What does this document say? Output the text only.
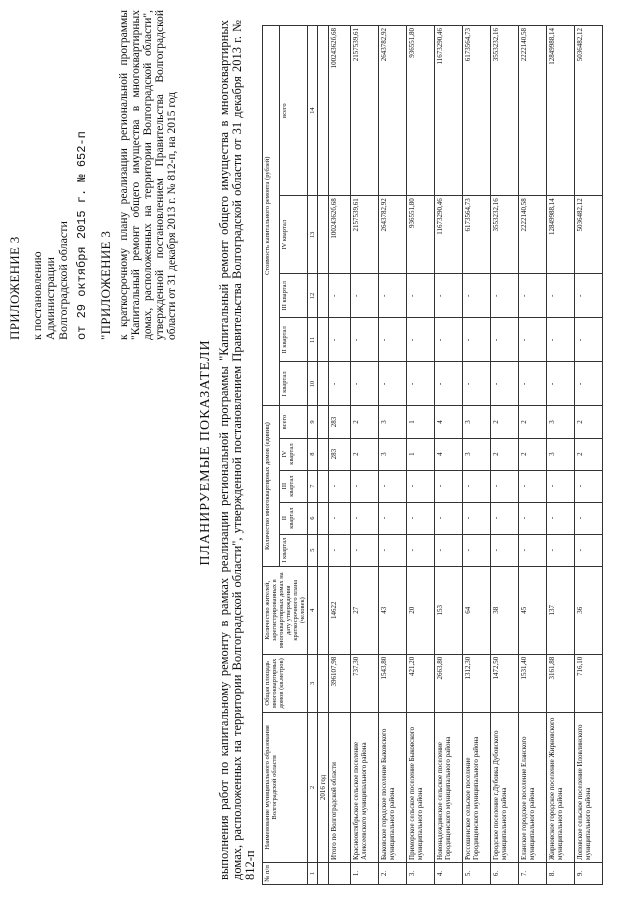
ПРИЛОЖЕНИЕ 3 к постановлению Администрации Волгоградской области от 29 октября 2015 г. № 652-п "ПРИЛОЖЕНИЕ 3 к краткосрочному плану реализации региональной программы "Капитальный ремонт общего имущества в многоквартирных домах, расположенных на территории Волгоградской области", утвержденной постановлением Правительства Волгоградской области от 31 декабря 2013 г. № 812-п, на 2015 год

ПЛАНИРУЕМЫЕ ПОКАЗАТЕЛИ выполнения работ по капитальному ремонту в рамках реализации региональной программы "Капитальный ремонт общего имущества в многоквартирных домах, расположенных на территории Волгоградской области", утвержденной постановлением Правительства Волгоградской области от 31 декабря 2013 г. № 812-п № п/п	Наименование муниципального образования Волгоградской области	Общая площадь многоквартирных домов (кв.метров)	Количество жителей, зарегистрированных в многоквартирных домах на дату утверждения краткосрочного плана (человек)	Количество многоквартирных домов (единиц)					Стоимость капитального ремонта (рублей)				
				I квартал	II квартал	III квартал	IV квартал	всего	I квартал	II квартал	III квартал	IV квартал	всего
1	2	3	4	5	6	7	8	9	10	11	12	13	14
	2016 год												
	Итого по Волгоградской области	396107,98	14622	-	-	-	283	283	-	-	-	10024362б,68	10024362б,68
1.	Краснооктябрьское сельское поселение Алексеевского муниципального района	737,30	27	-	-	-	2	2	-	-	-	2157539,61	2157539,61
2.	Быковское городское поселение Быковского муниципального района	1543,80	43	-	-	-	3	3	-	-	-	2643782,92	2643782,92
3.	Приморское сельское поселение Быковского муниципального района	421,20	20	-	-	-	1	1	-	-	-	936551,80	936551,80
4.	Новонадеждинское сельское поселение Городищенского муниципального района	2663,80	153	-	-	-	4	4	-	-	-	11673290,46	11673290,46
5.	Россошенское сельское поселение Городищенского муниципального района	1312,30	64	-	-	-	3	3	-	-	-	6173564,73	6173564,73
6.	Городское поселение г.Дубовка Дубовского муниципального района	1472,50	38	-	-	-	2	2	-	-	-	3553232,16	3553232,16
7.	Еланское городское поселение Еланского муниципального района	1531,40	45	-	-	-	2	2	-	-	-	2222140,58	2222140,58
8.	Жирновское городское поселение Жирновского муниципального района	3161,88	137	-	-	-	3	3	-	-	-	12849988,14	12849988,14
9.	Лоповское сельское поселение Иловлинского муниципального района	716,10	36	-	-	-	2	2	-	-	-	5036482,12	5036482,12
